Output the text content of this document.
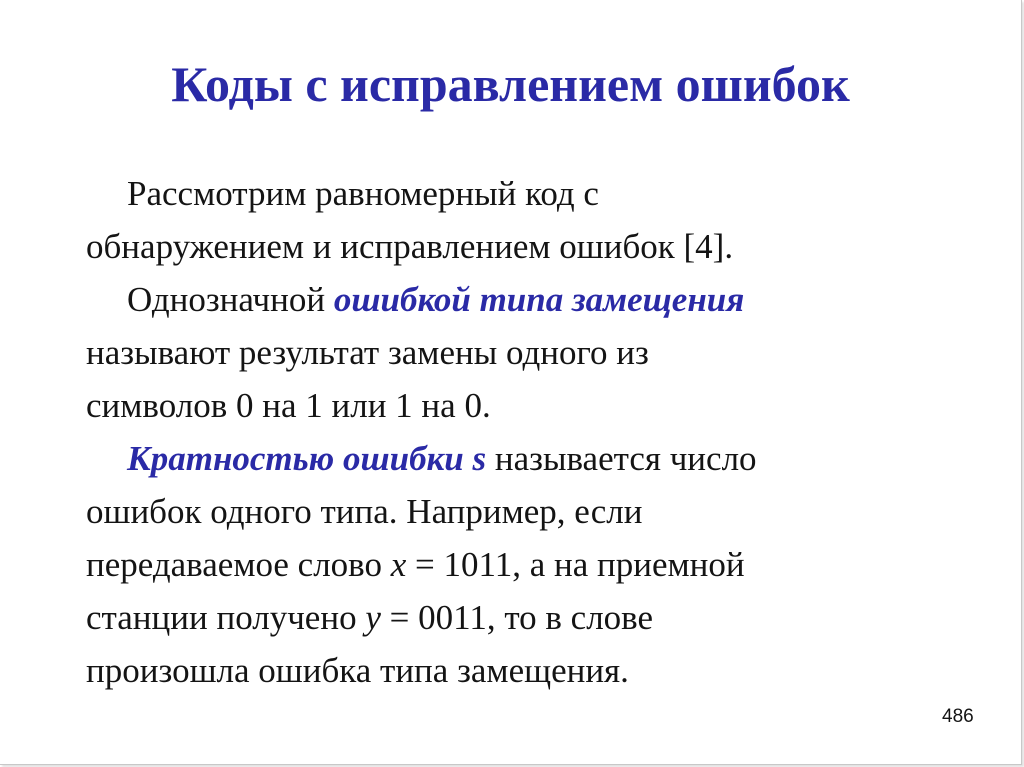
Коды с исправлением ошибок
Рассмотрим равномерный код с
обнаружением и исправлением ошибок [4].
Однозначной ошибкой типа замещения
называют результат замены одного из
символов 0 на 1 или 1 на 0.
Кратностью ошибки s называется число
ошибок одного типа. Например, если
передаваемое слово x = 1011, а на приемной
станции получено y = 0011, то в слове
произошла ошибка типа замещения.
486
